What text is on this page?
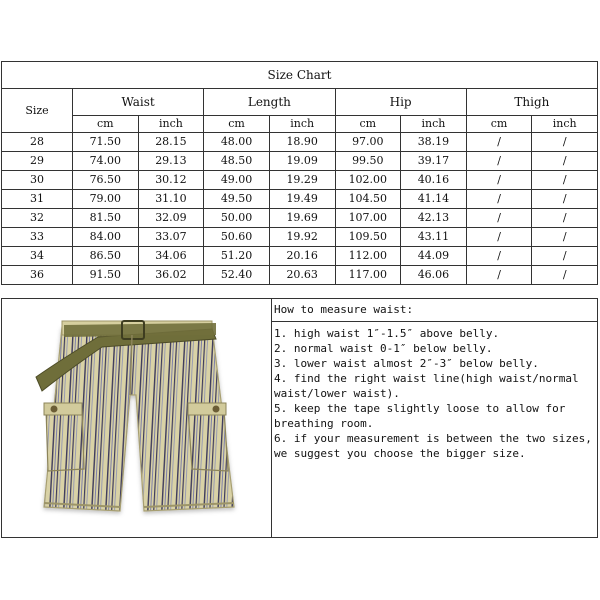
Size Chart								
Size	Waist		Length		Hip		Thigh	
	cm	inch	cm	inch	cm	inch	cm	inch
28	71.50	28.15	48.00	18.90	97.00	38.19	/	/
29	74.00	29.13	48.50	19.09	99.50	39.17	/	/
30	76.50	30.12	49.00	19.29	102.00	40.16	/	/
31	79.00	31.10	49.50	19.49	104.50	41.14	/	/
32	81.50	32.09	50.00	19.69	107.00	42.13	/	/
33	84.00	33.07	50.60	19.92	109.50	43.11	/	/
34	86.50	34.06	51.20	20.16	112.00	44.09	/	/
36	91.50	36.02	52.40	20.63	117.00	46.06	/	/
How to measure waist:

1. high waist 1″-1.5″ above belly.

2. normal waist 0-1″ below belly.

3. lower waist almost 2″-3″ below belly.

4. find the right waist line(high waist/normal waist/lower waist).

5. keep the tape slightly loose to allow for breathing room.

6. if your measurement is between the two sizes, we suggest you choose the bigger size.
